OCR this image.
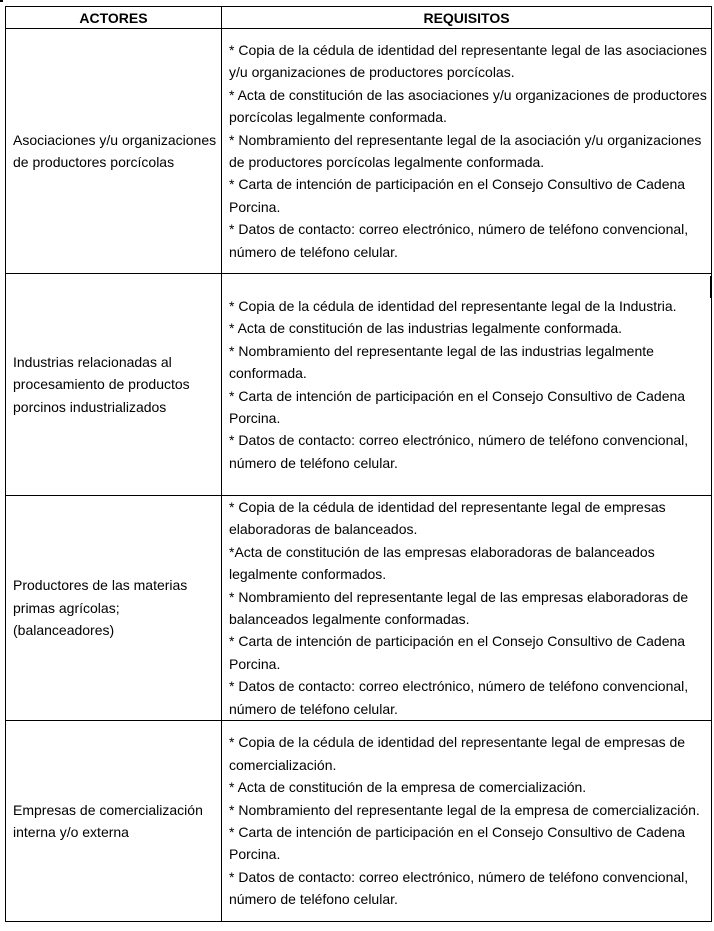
ACTORES	REQUISITOS
Asociaciones y/u organizaciones de productores porcícolas	* Copia de la cédula de identidad del representante legal de las asociaciones y/u organizaciones de productores porcícolas.
* Acta de constitución de las asociaciones y/u organizaciones de productores porcícolas legalmente conformada.
* Nombramiento del representante legal de la asociación y/u organizaciones de productores porcícolas legalmente conformada.
* Carta de intención de participación en el Consejo Consultivo de Cadena Porcina.
* Datos de contacto: correo electrónico, número de teléfono convencional, número de teléfono celular.

Industrias relacionadas al procesamiento de productos porcinos industrializados	* Copia de la cédula de identidad del representante legal de la Industria.
* Acta de constitución de las industrias legalmente conformada.
* Nombramiento del representante legal de las industrias legalmente conformada.
* Carta de intención de participación en el Consejo Consultivo de Cadena Porcina.
* Datos de contacto: correo electrónico, número de teléfono convencional, número de teléfono celular.

Productores de las materias primas agrícolas; (balanceadores)	* Copia de la cédula de identidad del representante legal de empresas elaboradoras de balanceados.
*Acta de constitución de las empresas elaboradoras de balanceados legalmente conformados.
* Nombramiento del representante legal de las empresas elaboradoras de balanceados legalmente conformadas.
* Carta de intención de participación en el Consejo Consultivo de Cadena Porcina.
* Datos de contacto: correo electrónico, número de teléfono convencional, número de teléfono celular.

Empresas de comercialización interna y/o externa	* Copia de la cédula de identidad del representante legal de empresas de comercialización.
* Acta de constitución de la empresa de comercialización.
* Nombramiento del representante legal de la empresa de comercialización.
* Carta de intención de participación en el Consejo Consultivo de Cadena Porcina.
* Datos de contacto: correo electrónico, número de teléfono convencional, número de teléfono celular.
